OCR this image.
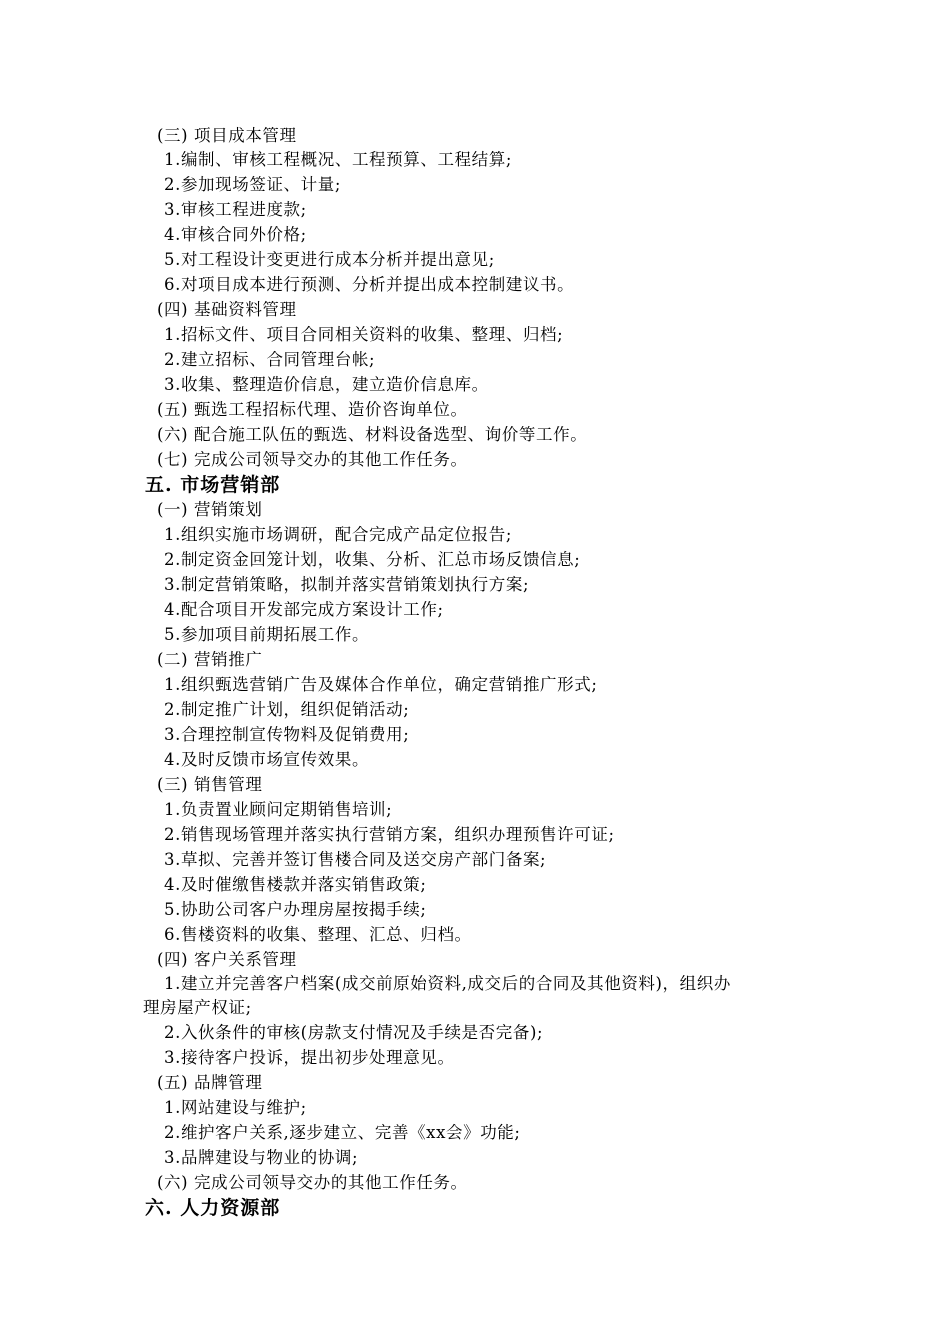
(三) 项目成本管理
1.编制、审核工程概况、工程预算、工程结算;
2.参加现场签证、计量;
3.审核工程进度款;
4.审核合同外价格;
5.对工程设计变更进行成本分析并提出意见;
6.对项目成本进行预测、分析并提出成本控制建议书。
(四) 基础资料管理
1.招标文件、项目合同相关资料的收集、整理、归档;
2.建立招标、合同管理台帐;
3.收集、整理造价信息，建立造价信息库。
(五) 甄选工程招标代理、造价咨询单位。
(六) 配合施工队伍的甄选、材料设备选型、询价等工作。
(七) 完成公司领导交办的其他工作任务。
五. 市场营销部
(一) 营销策划
1.组织实施市场调研，配合完成产品定位报告;
2.制定资金回笼计划，收集、分析、汇总市场反馈信息;
3.制定营销策略，拟制并落实营销策划执行方案;
4.配合项目开发部完成方案设计工作;
5.参加项目前期拓展工作。
(二) 营销推广
1.组织甄选营销广告及媒体合作单位，确定营销推广形式;
2.制定推广计划，组织促销活动;
3.合理控制宣传物料及促销费用;
4.及时反馈市场宣传效果。
(三) 销售管理
1.负责置业顾问定期销售培训;
2.销售现场管理并落实执行营销方案，组织办理预售许可证;
3.草拟、完善并签订售楼合同及送交房产部门备案;
4.及时催缴售楼款并落实销售政策;
5.协助公司客户办理房屋按揭手续;
6.售楼资料的收集、整理、汇总、归档。
(四) 客户关系管理
1.建立并完善客户档案(成交前原始资料,成交后的合同及其他资料)，组织办
理房屋产权证;
2.入伙条件的审核(房款支付情况及手续是否完备);
3.接待客户投诉，提出初步处理意见。
(五) 品牌管理
1.网站建设与维护;
2.维护客户关系,逐步建立、完善《xx会》功能;
3.品牌建设与物业的协调;
(六) 完成公司领导交办的其他工作任务。
六. 人力资源部
